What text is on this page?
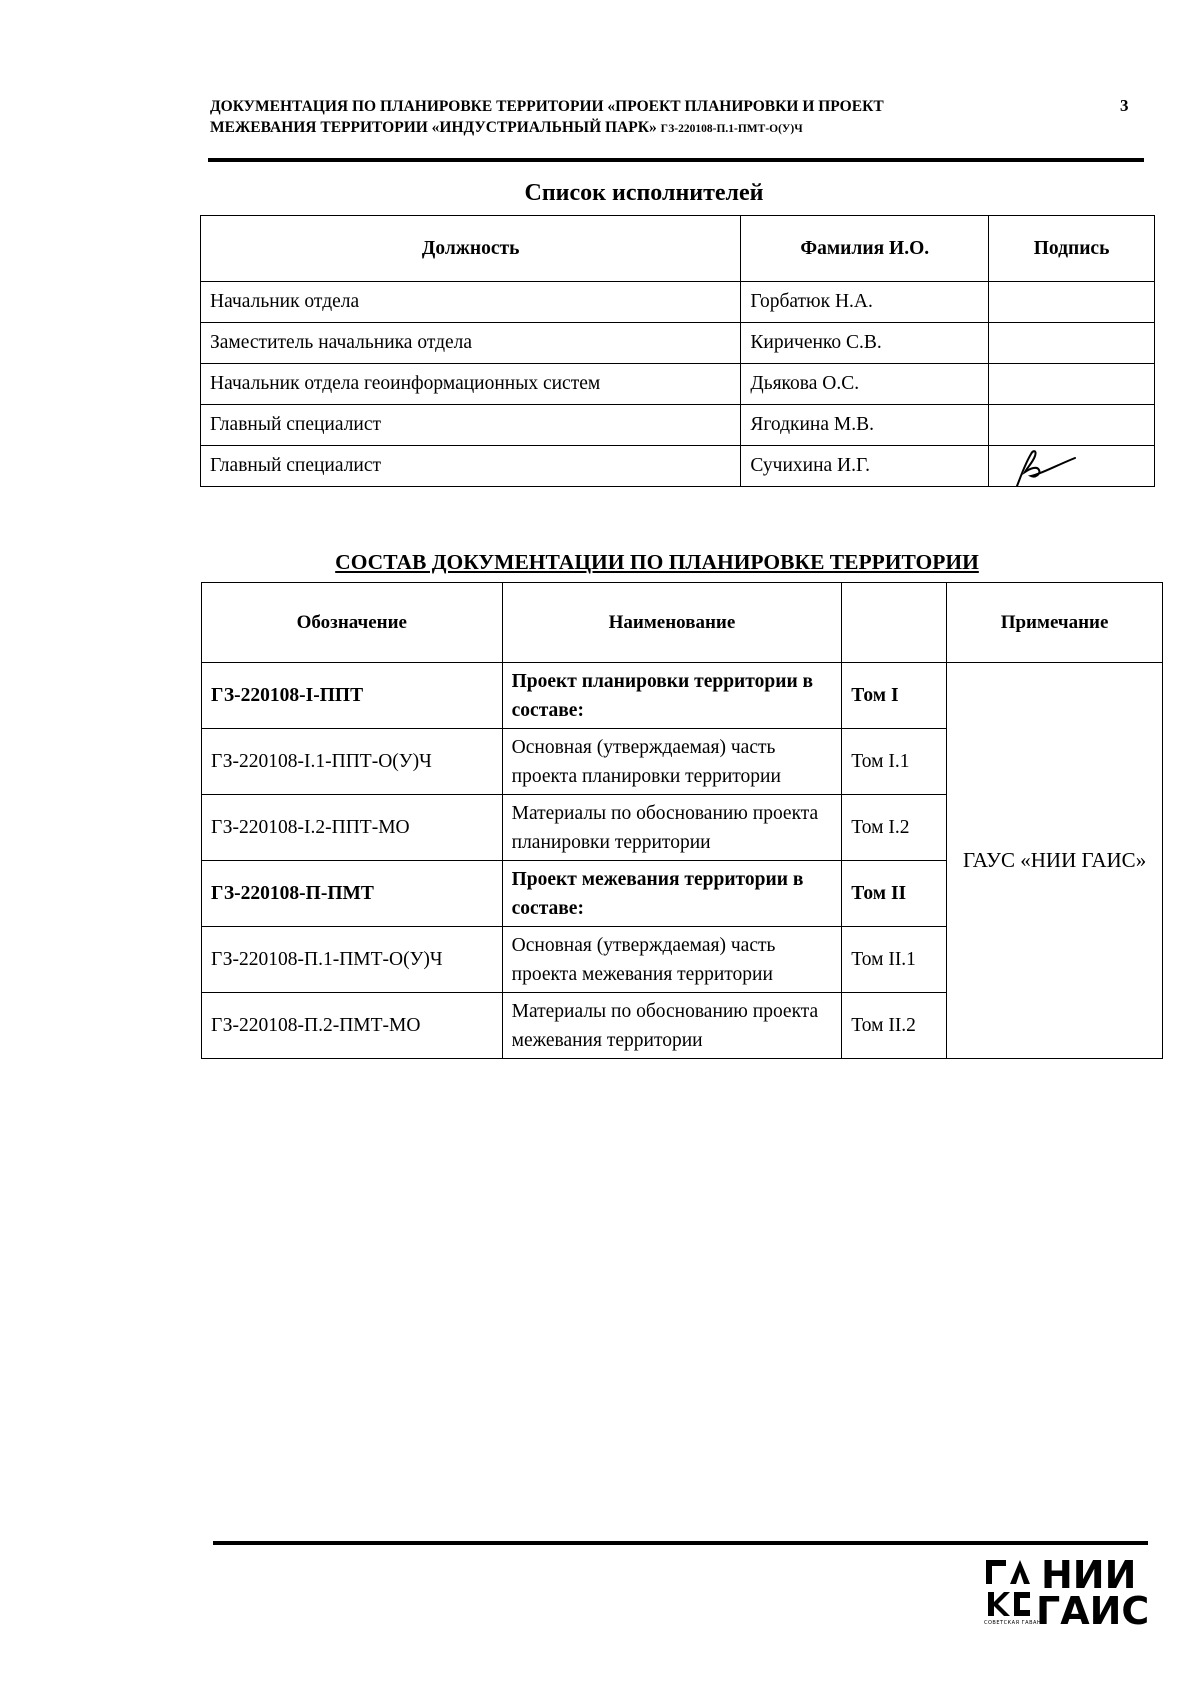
ДОКУМЕНТАЦИЯ ПО ПЛАНИРОВКЕ ТЕРРИТОРИИ «ПРОЕКТ ПЛАНИРОВКИ И ПРОЕКТ
МЕЖЕВАНИЯ ТЕРРИТОРИИ «ИНДУСТРИАЛЬНЫЙ ПАРК» ГЗ-220108-П.1-ПМТ-О(У)Ч
3
Список исполнителей
Должность	Фамилия И.О.	Подпись
Начальник отдела	Горбатюк Н.А.	
Заместитель начальника отдела	Кириченко С.В.	
Начальник отдела геоинформационных систем	Дьякова О.С.	
Главный специалист	Ягодкина М.В.	
Главный специалист	Сучихина И.Г.	
СОСТАВ ДОКУМЕНТАЦИИ ПО ПЛАНИРОВКЕ ТЕРРИТОРИИ
Обозначение	Наименование		Примечание
ГЗ-220108-I-ППТ	Проект планировки территории в составе:	Том I	ГАУС «НИИ ГАИС»
ГЗ-220108-I.1-ППТ-О(У)Ч	Основная (утверждаемая) часть проекта планировки территории	Том I.1	
ГЗ-220108-I.2-ППТ-МО	Материалы по обоснованию проекта планировки территории	Том I.2	
ГЗ-220108-П-ПМТ	Проект межевания территории в составе:	Том II	
ГЗ-220108-П.1-ПМТ-О(У)Ч	Основная (утверждаемая) часть проекта межевания территории	Том II.1	
ГЗ-220108-П.2-ПМТ-МО	Материалы по обоснованию проекта межевания территории	Том II.2	
НИИ
ГАИС
СОВЕТСКАЯ ГАВАНЬ
